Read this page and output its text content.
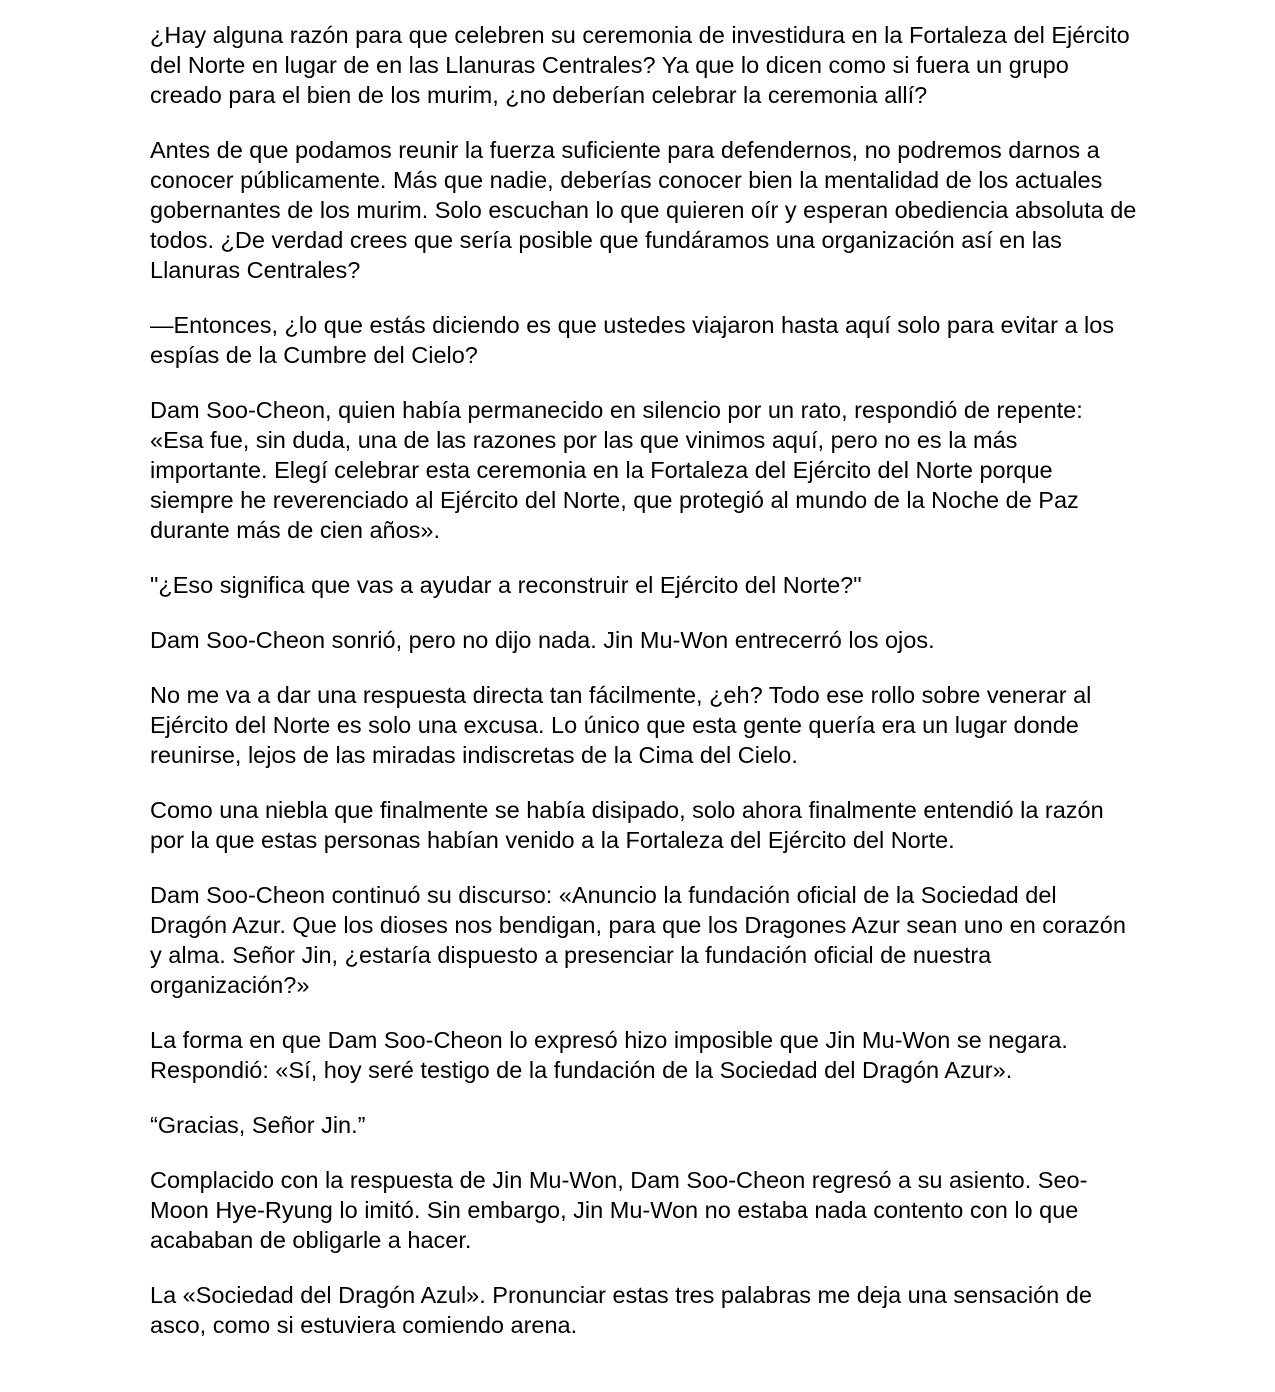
¿Hay alguna razón para que celebren su ceremonia de investidura en la Fortaleza del Ejército del Norte en lugar de en las Llanuras Centrales? Ya que lo dicen como si fuera un grupo creado para el bien de los murim, ¿no deberían celebrar la ceremonia allí?

Antes de que podamos reunir la fuerza suficiente para defendernos, no podremos darnos a conocer públicamente. Más que nadie, deberías conocer bien la mentalidad de los actuales gobernantes de los murim. Solo escuchan lo que quieren oír y esperan obediencia absoluta de todos. ¿De verdad crees que sería posible que fundáramos una organización así en las Llanuras Centrales?

—Entonces, ¿lo que estás diciendo es que ustedes viajaron hasta aquí solo para evitar a los espías de la Cumbre del Cielo?

Dam Soo-Cheon, quien había permanecido en silencio por un rato, respondió de repente: «Esa fue, sin duda, una de las razones por las que vinimos aquí, pero no es la más importante. Elegí celebrar esta ceremonia en la Fortaleza del Ejército del Norte porque siempre he reverenciado al Ejército del Norte, que protegió al mundo de la Noche de Paz durante más de cien años».

"¿Eso significa que vas a ayudar a reconstruir el Ejército del Norte?"

Dam Soo-Cheon sonrió, pero no dijo nada. Jin Mu-Won entrecerró los ojos.

No me va a dar una respuesta directa tan fácilmente, ¿eh? Todo ese rollo sobre venerar al Ejército del Norte es solo una excusa. Lo único que esta gente quería era un lugar donde reunirse, lejos de las miradas indiscretas de la Cima del Cielo.

Como una niebla que finalmente se había disipado, solo ahora finalmente entendió la razón por la que estas personas habían venido a la Fortaleza del Ejército del Norte.

Dam Soo-Cheon continuó su discurso: «Anuncio la fundación oficial de la Sociedad del Dragón Azur. Que los dioses nos bendigan, para que los Dragones Azur sean uno en corazón y alma. Señor Jin, ¿estaría dispuesto a presenciar la fundación oficial de nuestra organización?»

La forma en que Dam Soo-Cheon lo expresó hizo imposible que Jin Mu-Won se negara. Respondió: «Sí, hoy seré testigo de la fundación de la Sociedad del Dragón Azur».

“Gracias, Señor Jin.”

Complacido con la respuesta de Jin Mu-Won, Dam Soo-Cheon regresó a su asiento. Seo-Moon Hye-Ryung lo imitó. Sin embargo, Jin Mu-Won no estaba nada contento con lo que acababan de obligarle a hacer.

La «Sociedad del Dragón Azul». Pronunciar estas tres palabras me deja una sensación de asco, como si estuviera comiendo arena.
